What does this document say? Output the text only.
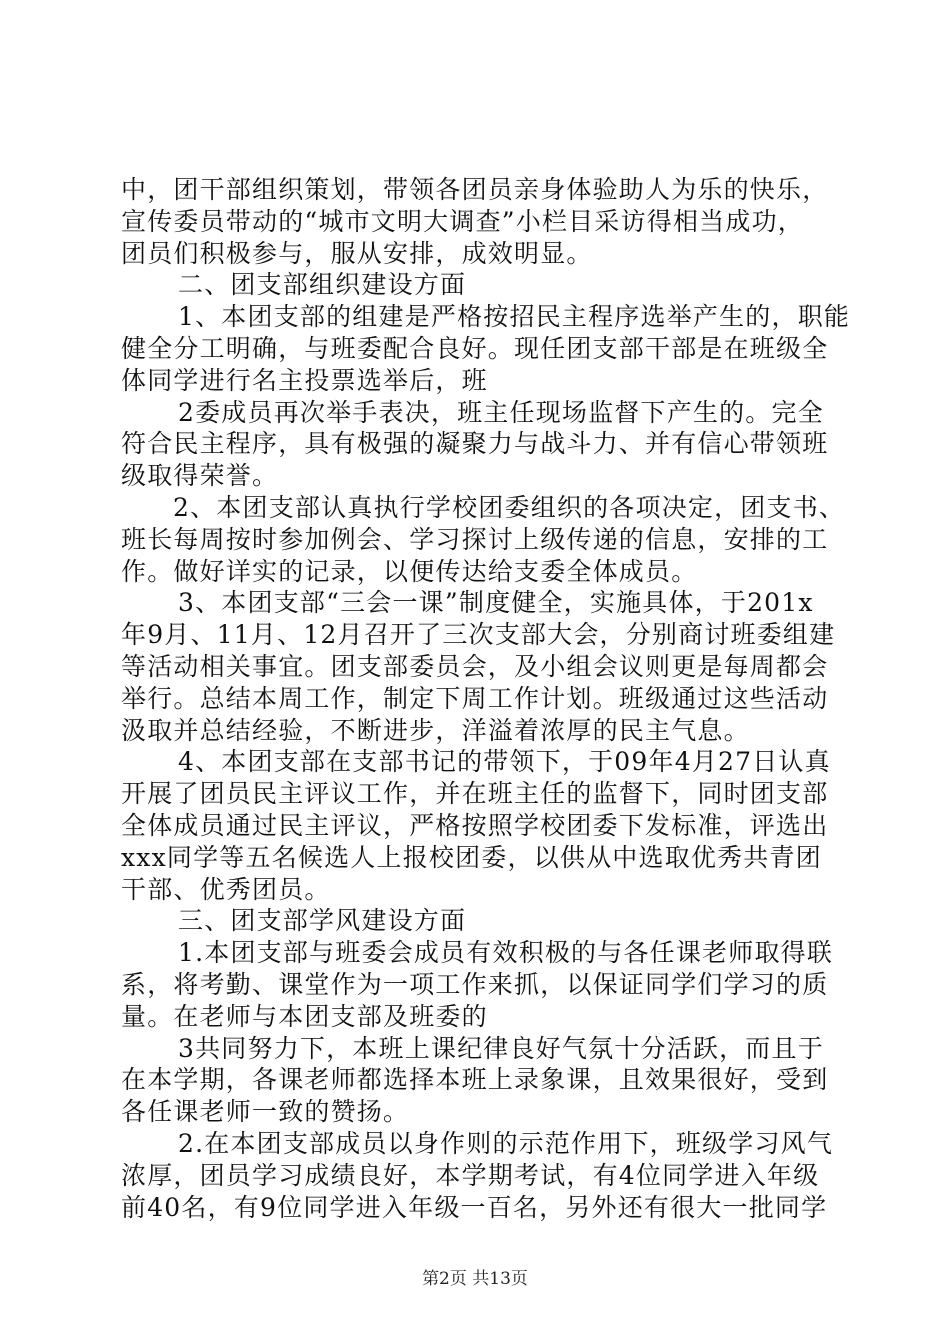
中，团干部组织策划，带领各团员亲身体验助人为乐的快乐，
宣传委员带动的“城市文明大调查”小栏目采访得相当成功，
团员们积极参与，服从安排，成效明显。
二、团支部组织建设方面
1、本团支部的组建是严格按招民主程序选举产生的，职能
健全分工明确，与班委配合良好。现任团支部干部是在班级全
体同学进行名主投票选举后，班
2委成员再次举手表决，班主任现场监督下产生的。完全
符合民主程序，具有极强的凝聚力与战斗力、并有信心带领班
级取得荣誉。
2、本团支部认真执行学校团委组织的各项决定，团支书、
班长每周按时参加例会、学习探讨上级传递的信息，安排的工
作。做好详实的记录，以便传达给支委全体成员。
3、本团支部“三会一课”制度健全，实施具体，于201x
年9月、11月、12月召开了三次支部大会，分别商讨班委组建
等活动相关事宜。团支部委员会，及小组会议则更是每周都会
举行。总结本周工作，制定下周工作计划。班级通过这些活动
汲取并总结经验，不断进步，洋溢着浓厚的民主气息。
4、本团支部在支部书记的带领下，于09年4月27日认真
开展了团员民主评议工作，并在班主任的监督下，同时团支部
全体成员通过民主评议，严格按照学校团委下发标准，评选出
xxx同学等五名候选人上报校团委，以供从中选取优秀共青团
干部、优秀团员。
三、团支部学风建设方面
1.本团支部与班委会成员有效积极的与各任课老师取得联
系，将考勤、课堂作为一项工作来抓，以保证同学们学习的质
量。在老师与本团支部及班委的
3共同努力下，本班上课纪律良好气氛十分活跃，而且于
在本学期，各课老师都选择本班上录象课，且效果很好，受到
各任课老师一致的赞扬。
2.在本团支部成员以身作则的示范作用下，班级学习风气
浓厚，团员学习成绩良好，本学期考试，有4位同学进入年级
前40名，有9位同学进入年级一百名，另外还有很大一批同学
第2页 共13页
